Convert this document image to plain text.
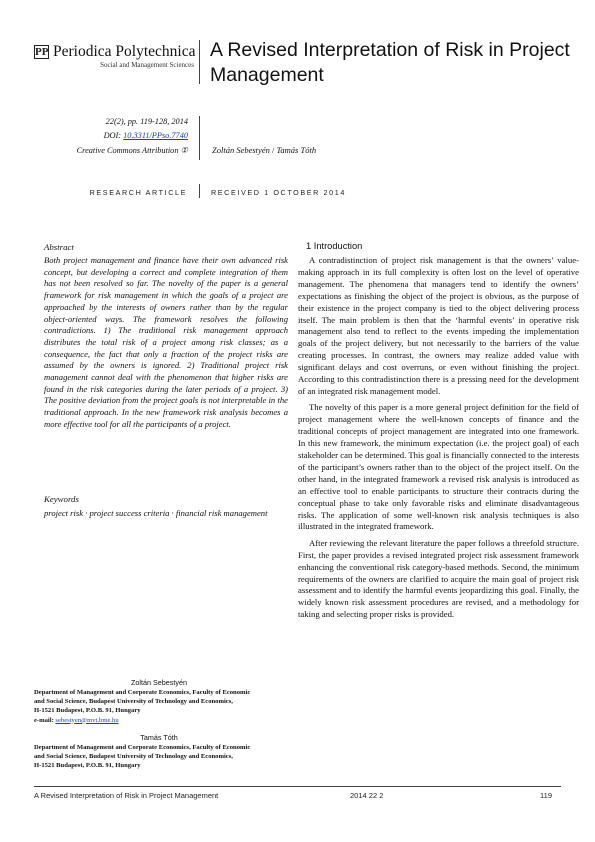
PP Periodica Polytechnica
Social and Management Sciences
A Revised Interpretation of Risk in Project Management
22(2), pp. 119-128, 2014
DOI: 10.3311/PPso.7740
Creative Commons Attribution ①	Zoltán Sebestyén / Tamás Tóth
RESEARCH ARTICLE	RECEIVED 1 OCTOBER 2014
Abstract
Both project management and finance have their own advanced risk concept, but developing a correct and complete integration of them has not been resolved so far. The novelty of the paper is a general framework for risk management in which the goals of a project are approached by the interests of owners rather than by the regular object-oriented ways. The framework resolves the following contradictions. 1) The traditional risk management approach distributes the total risk of a project among risk classes; as a consequence, the fact that only a fraction of the project risks are assumed by the owners is ignored. 2) Traditional project risk management cannot deal with the phenomenon that higher risks are found in the risk categories during the later periods of a project. 3) The positive deviation from the project goals is not interpretable in the traditional approach. In the new framework risk analysis becomes a more effective tool for all the participants of a project.
Keywords
project risk · project success criteria · financial risk management
Zoltán Sebestyén
Department of Management and Corporate Economics, Faculty of Economic
and Social Science, Budapest University of Technology and Economics,
H-1521 Budapest, P.O.B. 91, Hungary
e-mail: sebestyen@mvt.bme.hu
Tamás Tóth
Department of Management and Corporate Economics, Faculty of Economic
and Social Science, Budapest University of Technology and Economics,
H-1521 Budapest, P.O.B. 91, Hungary
1 Introduction

A contradistinction of project risk management is that the owners’ value-making approach in its full complexity is often lost on the level of operative management. The phenomena that managers tend to identify the owners’ expectations as finishing the object of the project is obvious, as the purpose of their existence in the project company is tied to the object delivering process itself. The main problem is then that the ‘harmful events’ in operative risk management also tend to reflect to the events impeding the implementation goals of the project delivery, but not necessarily to the barriers of the value creating processes. In contrast, the owners may realize added value with significant delays and cost overruns, or even without finishing the project. According to this contradistinction there is a pressing need for the development of an integrated risk management model.

The novelty of this paper is a more general project definition for the field of project management where the well-known concepts of finance and the traditional concepts of project management are integrated into one framework. In this new framework, the minimum expectation (i.e. the project goal) of each stakeholder can be determined. This goal is financially connected to the interests of the participant’s owners rather than to the object of the project itself. On the other hand, in the integrated framework a revised risk analysis is introduced as an effective tool to enable participants to structure their contracts during the conceptual phase to take only favorable risks and eliminate disadvantageous risks. The application of some well-known risk analysis techniques is also illustrated in the integrated framework.

After reviewing the relevant literature the paper follows a threefold structure. First, the paper provides a revised integrated project risk assessment framework enhancing the conventional risk category-based methods. Second, the minimum requirements of the owners are clarified to acquire the main goal of project risk assessment and to identify the harmful events jeopardizing this goal. Finally, the widely known risk assessment procedures are revised, and a methodology for taking and selecting proper risks is provided.

A Revised Interpretation of Risk in Project Management	2014 22 2	119
